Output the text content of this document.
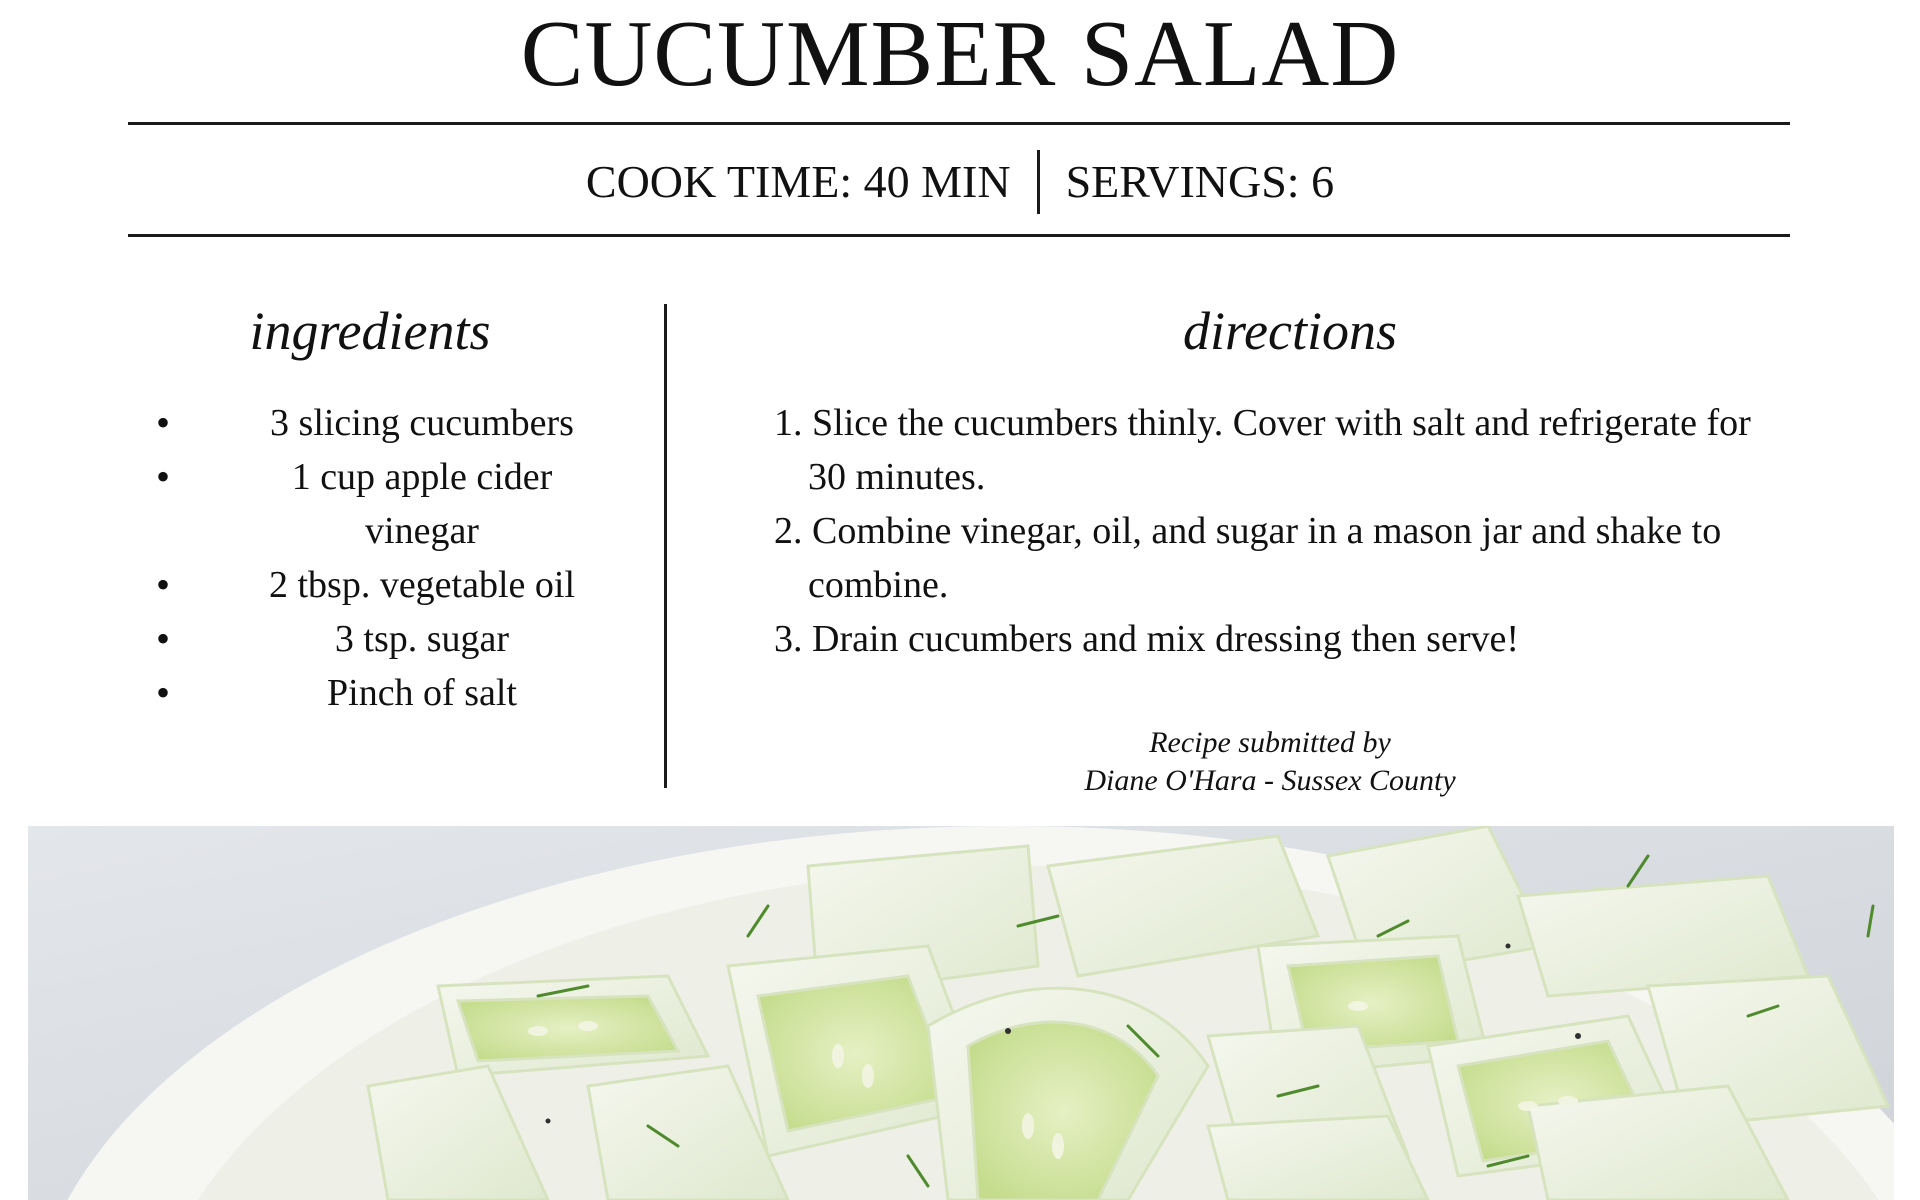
CUCUMBER SALAD
COOK TIME: 40 MIN SERVINGS: 6
ingredients	directions
•	3 slicing cucumbers
•	1 cup apple cider vinegar
•	2 tbsp. vegetable oil
•	3 tsp. sugar
•	Pinch of salt
1. Slice the cucumbers thinly. Cover with salt and refrigerate for 30 minutes.
2. Combine vinegar, oil, and sugar in a mason jar and shake to combine.
3. Drain cucumbers and mix dressing then serve!
Recipe submitted by
Diane O'Hara - Sussex County
